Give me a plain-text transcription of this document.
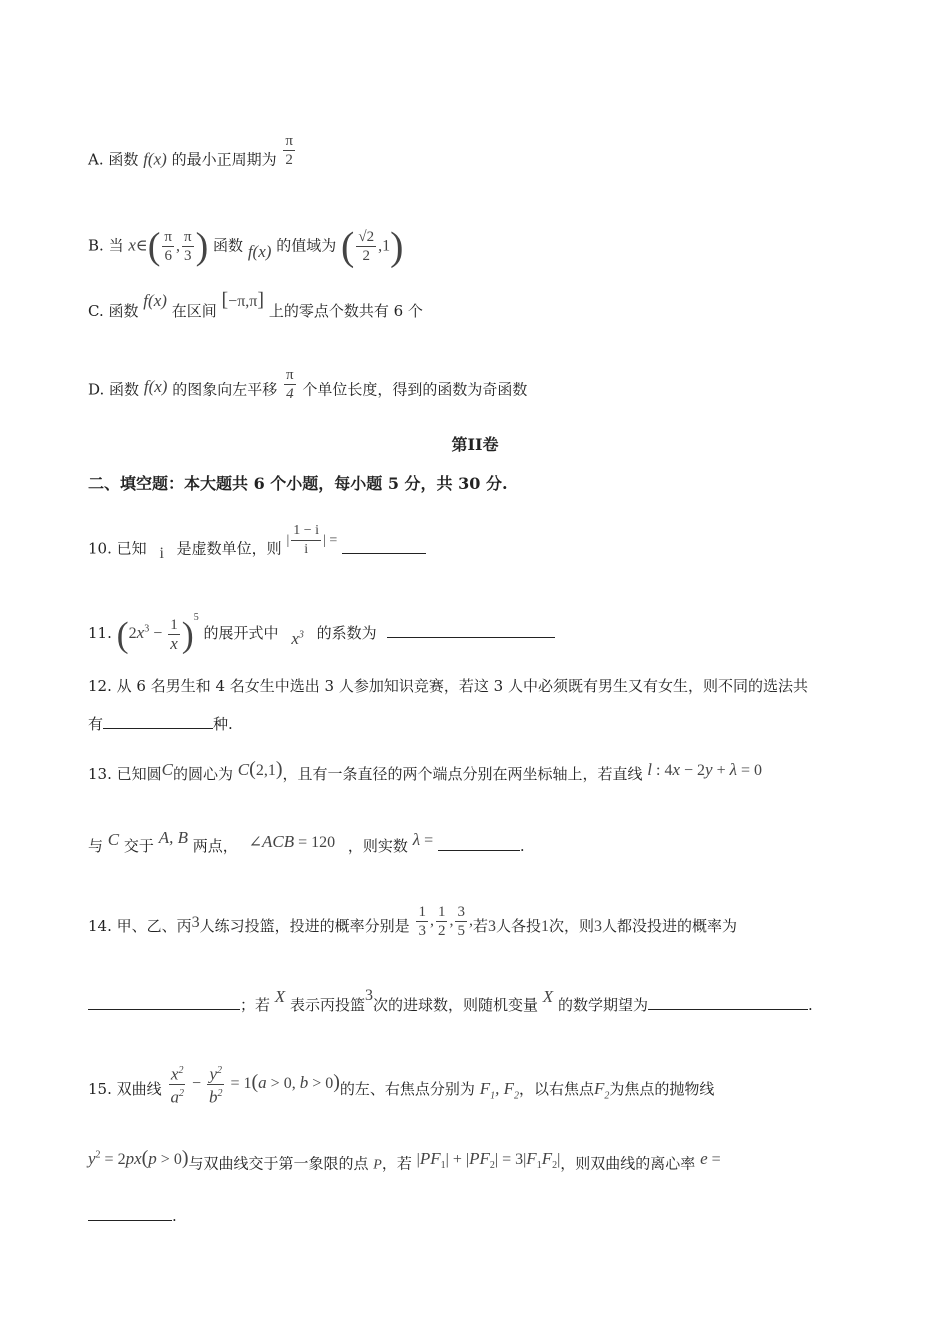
A. 函数 f(x) 的最小正周期为 $\frac{\pi}{2}$
B. 当 x∈( $\frac{\pi}{6}$ , $\frac{\pi}{3}$ ) 函数 f(x) 的值域为 ( $\frac{√2}{2} ,1$)
C. 函数 f(x) 在区间 [−π,π] 上的零点个数共有 6 个
D. 函数 f(x) 的图象向左平移 $\frac{\pi}{4}$ 个单位长度，得到的函数为奇函数
第II卷
二、填空题：本大题共 6 个小题，每小题 5 分，共 30 分.
10. 已知 i 是虚数单位，则 | $\frac{1 - i}{i}$ | =
11. $(2x^3 - \frac{1}{x} )^5$ 的展开式中 $x^3$ 的系数为
12. 从 6 名男生和 4 名女生中选出 3 人参加知识竞赛，若这 3 人中必须既有男生又有女生，则不同的选法共
有	种.
13. 已知圆C的圆心为 C(2,1)，且有一条直径的两个端点分别在两坐标轴上，若直线 l : 4x − 2y + λ = 0
与 C 交于 A, B 两点， ∠ACB = 120 ，则实数 λ =	.
14. 甲、乙、丙3人练习投篮，投进的概率分别是 $\frac{1}{3}$ , $\frac{1}{2}$ , $\frac{3}{5}$ ,若3人各投1次，则3人都没投进的概率为
；若 X 表示丙投篮3次的进球数，则随机变量 X 的数学期望为	.
15. 双曲线 $\frac{x^2}{a^2} - \frac{y^2}{b^2} = 1(a > 0$, b > 0)的左、右焦点分别为 $F_1$, $F_2$，以右焦点$F_2$为焦点的抛物线
$y^2 = 2px(p > 0)$与双曲线交于第一象限的点 P，若 $|PF_1| + |PF_2| = 3|F_1F_2|$，则双曲线的离心率 e =
.
